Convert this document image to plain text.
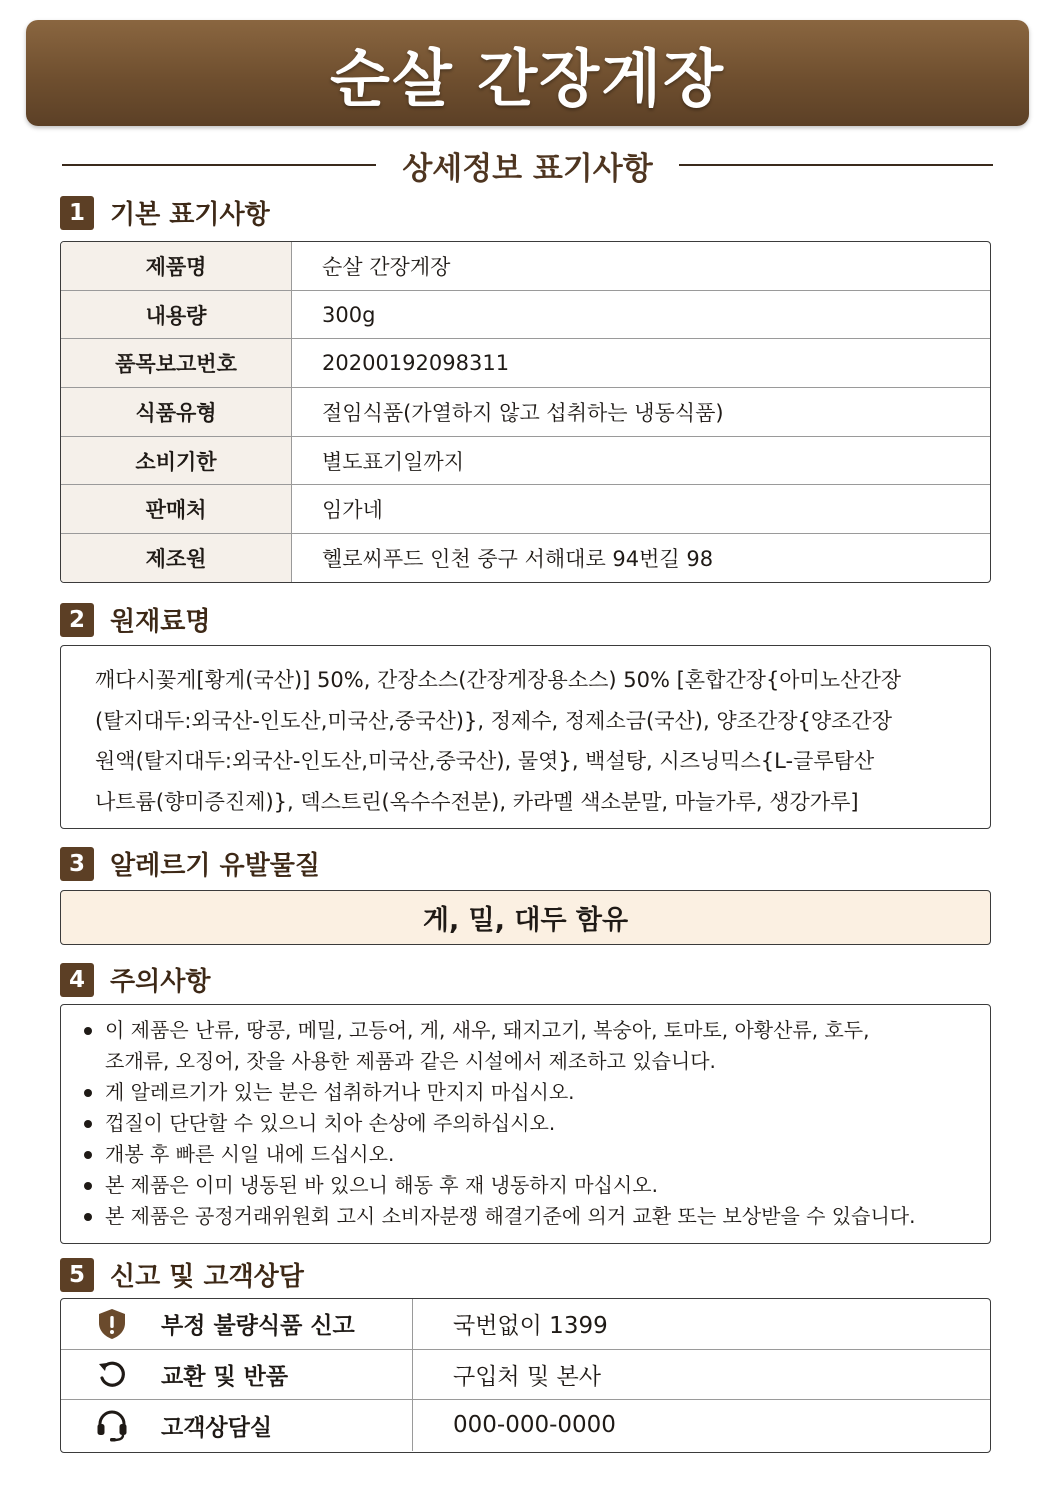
순살 간장게장
상세정보 표기사항
1 기본 표기사항
제품명	순살 간장게장
내용량	300g
품목보고번호	20200192098311
식품유형	절임식품(가열하지 않고 섭취하는 냉동식품)
소비기한	별도표기일까지
판매처	임가네
제조원	헬로씨푸드 인천 중구 서해대로 94번길 98
2 원재료명
깨다시꽃게[황게(국산)] 50%, 간장소스(간장게장용소스) 50% [혼합간장{아미노산간장
(탈지대두:외국산-인도산,미국산,중국산)}, 정제수, 정제소금(국산), 양조간장{양조간장
원액(탈지대두:외국산-인도산,미국산,중국산), 물엿}, 백설탕, 시즈닝믹스{L-글루탐산
나트륨(향미증진제)}, 덱스트린(옥수수전분), 카라멜 색소분말, 마늘가루, 생강가루]
3 알레르기 유발물질
게, 밀, 대두 함유
4 주의사항
이 제품은 난류, 땅콩, 메밀, 고등어, 게, 새우, 돼지고기, 복숭아, 토마토, 아황산류, 호두,
조개류, 오징어, 잣을 사용한 제품과 같은 시설에서 제조하고 있습니다.
게 알레르기가 있는 분은 섭취하거나 만지지 마십시오.
껍질이 단단할 수 있으니 치아 손상에 주의하십시오.
개봉 후 빠른 시일 내에 드십시오.
본 제품은 이미 냉동된 바 있으니 해동 후 재 냉동하지 마십시오.
본 제품은 공정거래위원회 고시 소비자분쟁 해결기준에 의거 교환 또는 보상받을 수 있습니다.
5 신고 및 고객상담
부정 불량식품 신고	국번없이 1399
교환 및 반품	구입처 및 본사
고객상담실	000-000-0000
